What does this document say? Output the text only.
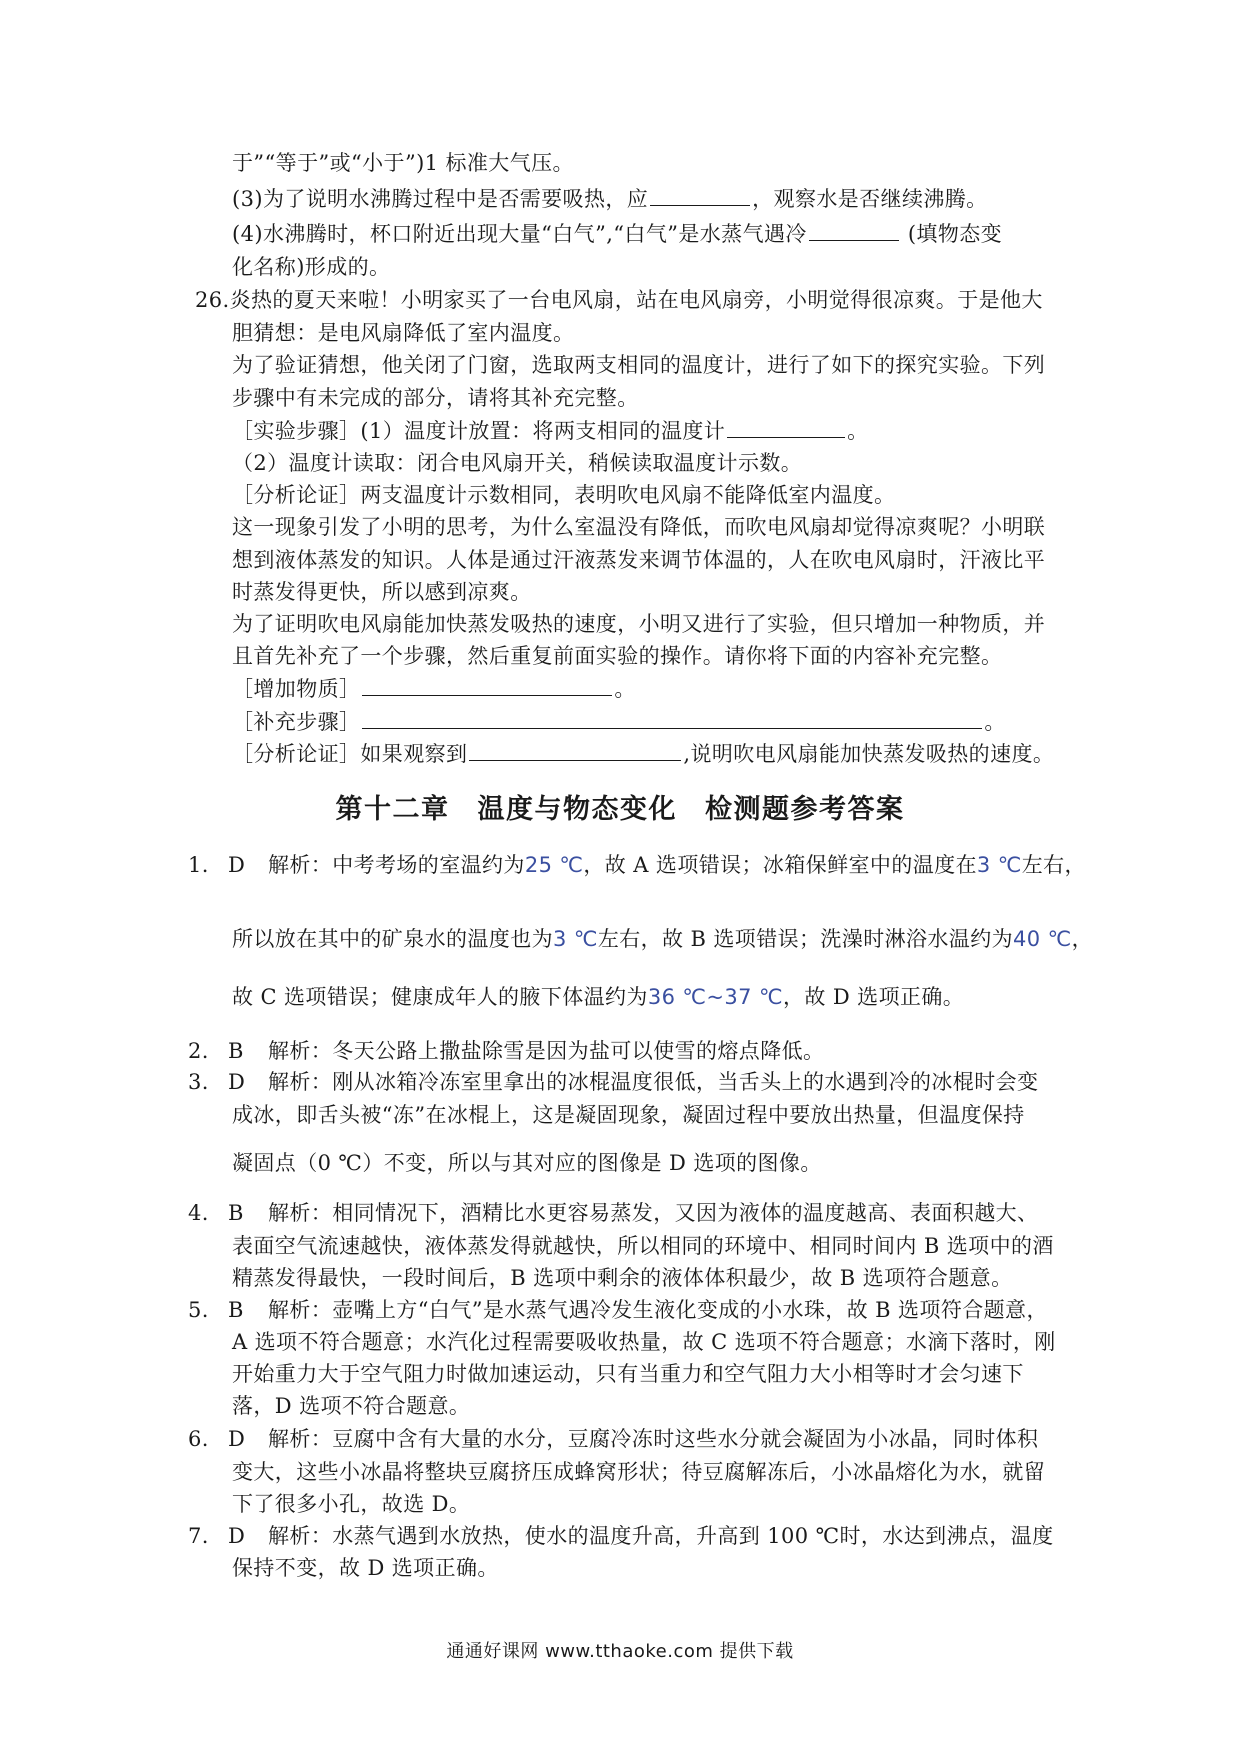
于”“等于”或“小于”)1 标准大气压。
(3)为了说明水沸腾过程中是否需要吸热，应	，观察水是否继续沸腾。
(4)水沸腾时，杯口附近出现大量“白气”,“白气”是水蒸气遇冷	(填物态变
化名称)形成的。
26.炎热的夏天来啦！小明家买了一台电风扇，站在电风扇旁，小明觉得很凉爽。于是他大
胆猜想：是电风扇降低了室内温度。
为了验证猜想，他关闭了门窗，选取两支相同的温度计，进行了如下的探究实验。下列
步骤中有未完成的部分，请将其补充完整。
［实验步骤］(1）温度计放置：将两支相同的温度计	。
（2）温度计读取：闭合电风扇开关，稍候读取温度计示数。
［分析论证］两支温度计示数相同，表明吹电风扇不能降低室内温度。
这一现象引发了小明的思考，为什么室温没有降低，而吹电风扇却觉得凉爽呢？小明联
想到液体蒸发的知识。人体是通过汗液蒸发来调节体温的，人在吹电风扇时，汗液比平
时蒸发得更快，所以感到凉爽。
为了证明吹电风扇能加快蒸发吸热的速度，小明又进行了实验，但只增加一种物质，并
且首先补充了一个步骤，然后重复前面实验的操作。请你将下面的内容补充完整。
［增加物质］	。
［补充步骤］	。
［分析论证］如果观察到	,说明吹电风扇能加快蒸发吸热的速度。
第十二章 温度与物态变化 检测题参考答案
1. D 解析：中考考场的室温约为25 ℃，故 A 选项错误；冰箱保鲜室中的温度在3 ℃左右，
所以放在其中的矿泉水的温度也为3 ℃左右，故 B 选项错误；洗澡时淋浴水温约为40 ℃，
故 C 选项错误；健康成年人的腋下体温约为36 ℃~37 ℃，故 D 选项正确。
2. B 解析：冬天公路上撒盐除雪是因为盐可以使雪的熔点降低。
3. D 解析：刚从冰箱冷冻室里拿出的冰棍温度很低，当舌头上的水遇到冷的冰棍时会变
成冰，即舌头被“冻”在冰棍上，这是凝固现象，凝固过程中要放出热量，但温度保持
凝固点（0 ℃）不变，所以与其对应的图像是 D 选项的图像。
4. B 解析：相同情况下，酒精比水更容易蒸发，又因为液体的温度越高、表面积越大、
表面空气流速越快，液体蒸发得就越快，所以相同的环境中、相同时间内 B 选项中的酒
精蒸发得最快，一段时间后，B 选项中剩余的液体体积最少，故 B 选项符合题意。
5. B 解析：壶嘴上方“白气”是水蒸气遇冷发生液化变成的小水珠，故 B 选项符合题意，
A 选项不符合题意；水汽化过程需要吸收热量，故 C 选项不符合题意；水滴下落时，刚
开始重力大于空气阻力时做加速运动，只有当重力和空气阻力大小相等时才会匀速下
落，D 选项不符合题意。
6. D 解析：豆腐中含有大量的水分，豆腐冷冻时这些水分就会凝固为小冰晶，同时体积
变大，这些小冰晶将整块豆腐挤压成蜂窝形状；待豆腐解冻后，小冰晶熔化为水，就留
下了很多小孔，故选 D。
7. D 解析：水蒸气遇到水放热，使水的温度升高，升高到 100 ℃时，水达到沸点，温度
保持不变，故 D 选项正确。
通通好课网 www.tthaoke.com 提供下载
